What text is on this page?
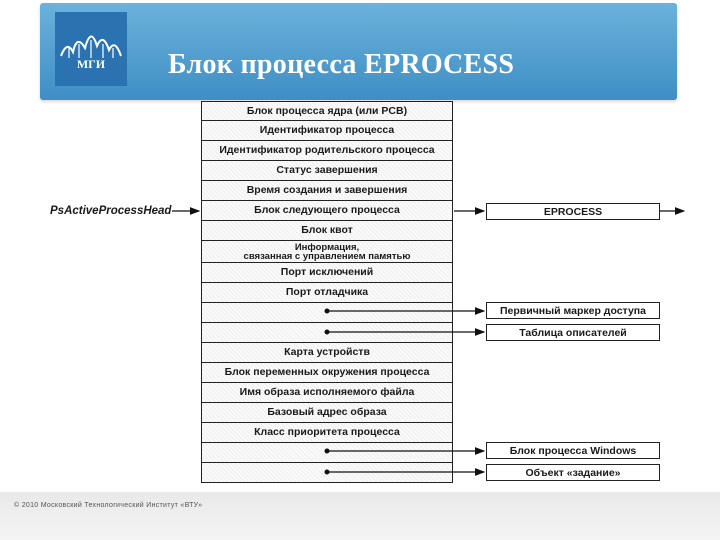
МГИ	Блок процесса EPROCESS
PsActiveProcessHead
Блок процесса ядра (или PCB)
Идентификатор процесса
Идентификатор родительского процесса
Статус завершения
Время создания и завершения
Блок следующего процесса
Блок квот
Информация,
связанная с управлением памятью
Порт исключений
Порт отладчика
Карта устройств
Блок переменных окружения процесса
Имя образа исполняемого файла
Базовый адрес образа
Класс приоритета процесса
EPROCESS
Первичный маркер доступа
Таблица описателей
Блок процесса Windows
Объект «задание»
© 2010 Московский Технологический Институт «ВТУ»
